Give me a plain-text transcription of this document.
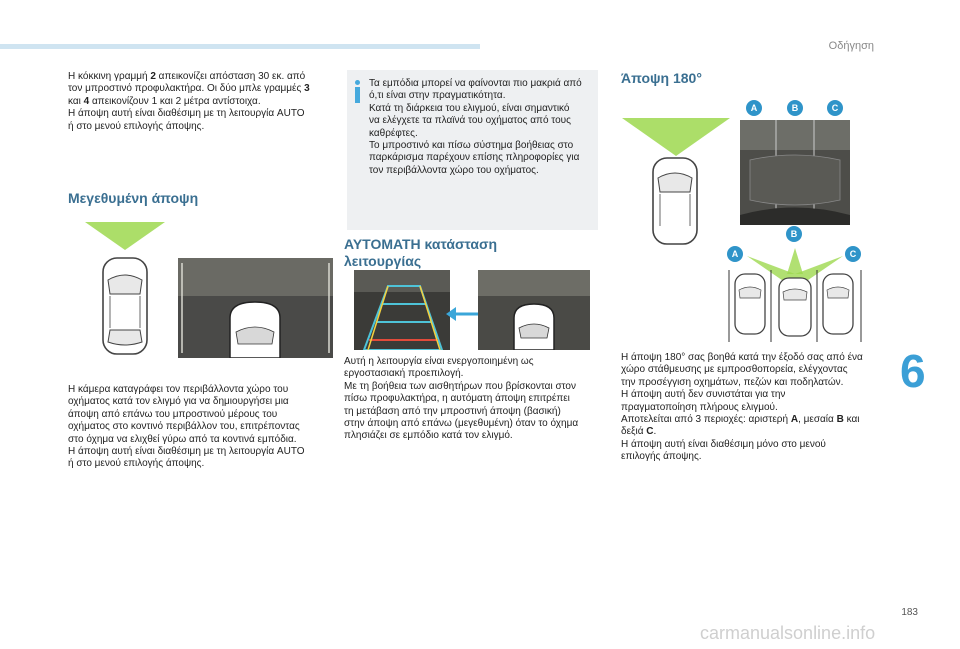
Οδήγηση

Η κόκκινη γραμμή 2 απεικονίζει απόσταση 30 εκ. από
τον μπροστινό προφυλακτήρα. Οι δύο μπλε γραμμές 3
και 4 απεικονίζουν 1 και 2 μέτρα αντίστοιχα.
Η άποψη αυτή είναι διαθέσιμη με τη λειτουργία AUTO
ή στο μενού επιλογής άποψης.

Μεγεθυμένη άποψη

Η κάμερα καταγράφει τον περιβάλλοντα χώρο του
οχήματος κατά τον ελιγμό για να δημιουργήσει μια
άποψη από επάνω του μπροστινού μέρους του
οχήματος στο κοντινό περιβάλλον του, επιτρέποντας
στο όχημα να ελιχθεί γύρω από τα κοντινά εμπόδια.
Η άποψη αυτή είναι διαθέσιμη με τη λειτουργία AUTO
ή στο μενού επιλογής άποψης.

Τα εμπόδια μπορεί να φαίνονται πιο μακριά από
ό,τι είναι στην πραγματικότητα.
Κατά τη διάρκεια του ελιγμού, είναι σημαντικό
να ελέγχετε τα πλαϊνά του οχήματος από τους
καθρέφτες.
Το μπροστινό και πίσω σύστημα βοήθειας στο
παρκάρισμα παρέχουν επίσης πληροφορίες για
τον περιβάλλοντα χώρο του οχήματος.
ΑΥΤΟΜΑΤΗ κατάσταση
λειτουργίας

Αυτή η λειτουργία είναι ενεργοποιημένη ως
εργοστασιακή προεπιλογή.
Με τη βοήθεια των αισθητήρων που βρίσκονται στον
πίσω προφυλακτήρα, η αυτόματη άποψη επιτρέπει
τη μετάβαση από την μπροστινή άποψη (βασική)
στην άποψη από επάνω (μεγεθυμένη) όταν το όχημα
πλησιάζει σε εμπόδιο κατά τον ελιγμό.

Άποψη 180°
A	B	C
B
A	C

Η άποψη 180° σας βοηθά κατά την έξοδό σας από ένα
χώρο στάθμευσης με εμπροσθοπορεία, ελέγχοντας
την προσέγγιση οχημάτων, πεζών και ποδηλατών.
Η άποψη αυτή δεν συνιστάται για την
πραγματοποίηση πλήρους ελιγμού.
Αποτελείται από 3 περιοχές: αριστερή A, μεσαία B και
δεξιά C.
Η άποψη αυτή είναι διαθέσιμη μόνο στο μενού
επιλογής άποψης.

6
183
carmanualsonline.info
